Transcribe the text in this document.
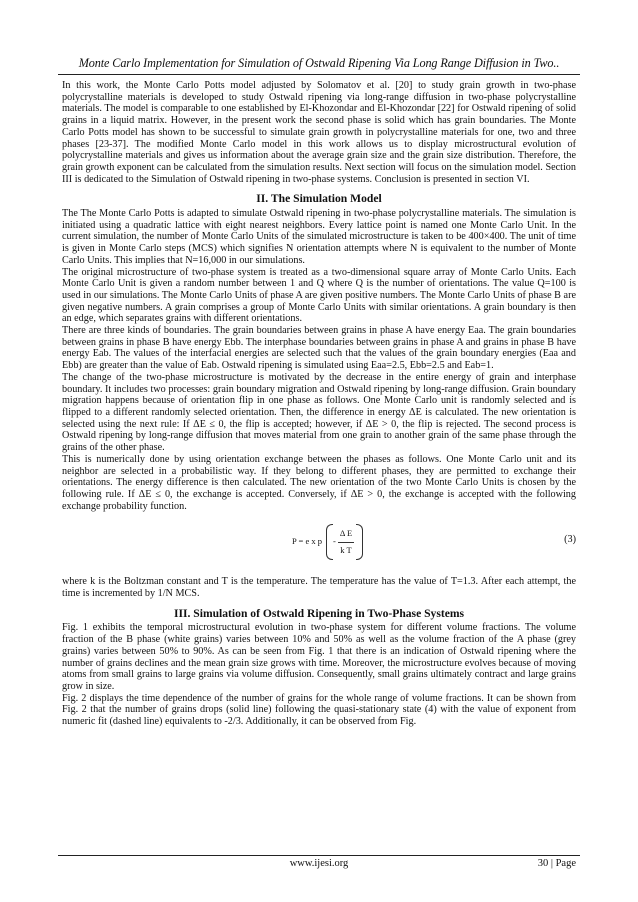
Monte Carlo Implementation for Simulation of Ostwald Ripening Via Long Range Diffusion in Two..

In this work, the Monte Carlo Potts model adjusted by Solomatov et al. [20] to study grain growth in two-phase polycrystalline materials is developed to study Ostwald ripening via long-range diffusion in two-phase polycrystalline materials. The model is comparable to one established by El-Khozondar and El-Khozondar [22] for Ostwald ripening of solid grains in a liquid matrix. However, in the present work the second phase is solid which has grain boundaries. The Monte Carlo Potts model has shown to be successful to simulate grain growth in polycrystalline materials for one, two and three phases [23-37]. The modified Monte Carlo model in this work allows us to display microstructural evolution of polycrystalline materials and gives us information about the average grain size and the grain size distribution. Therefore, the grain growth exponent can be calculated from the simulation results. Next section will focus on the simulation model. Section III is dedicated to the Simulation of Ostwald ripening in two-phase systems. Conclusion is presented in section VI.

II. The Simulation Model

The The Monte Carlo Potts is adapted to simulate Ostwald ripening in two-phase polycrystalline materials. The simulation is initiated using a quadratic lattice with eight nearest neighbors. Every lattice point is named one Monte Carlo Unit. In the current simulation, the number of Monte Carlo Units of the simulated microstructure is taken to be 400×400. The unit of time is given in Monte Carlo steps (MCS) which signifies N orientation attempts where N is equivalent to the number of Monte Carlo Units. This implies that N=16,000 in our simulations.

The original microstructure of two-phase system is treated as a two-dimensional square array of Monte Carlo Units. Each Monte Carlo Unit is given a random number between 1 and Q where Q is the number of orientations. The value Q=100 is used in our simulations. The Monte Carlo Units of phase A are given positive numbers. The Monte Carlo Units of phase B are given negative numbers. A grain comprises a group of Monte Carlo Units with similar orientations. A grain boundary is then an edge, which separates grains with different orientations.

There are three kinds of boundaries. The grain boundaries between grains in phase A have energy Eaa. The grain boundaries between grains in phase B have energy Ebb. The interphase boundaries between grains in phase A and grains in phase B have energy Eab. The values of the interfacial energies are selected such that the values of the grain boundary energies (Eaa and Ebb) are greater than the value of Eab. Ostwald ripening is simulated using Eaa=2.5, Ebb=2.5 and Eab=1.

The change of the two-phase microstructure is motivated by the decrease in the entire energy of grain and interphase boundary. It includes two processes: grain boundary migration and Ostwald ripening by long-range diffusion. Grain boundary migration happens because of orientation flip in one phase as follows. One Monte Carlo unit is randomly selected and is flipped to a different randomly selected orientation. Then, the difference in energy ΔE is calculated. The new orientation is selected using the next rule: If ΔE ≤ 0, the flip is accepted; however, if ΔE > 0, the flip is rejected. The second process is Ostwald ripening by long-range diffusion that moves material from one grain to another grain of the same phase through the grains of the other phase.

This is numerically done by using orientation exchange between the phases as follows. One Monte Carlo unit and its neighbor are selected in a probabilistic way. If they belong to different phases, they are permitted to exchange their orientations. The energy difference is then calculated. The new orientation of the two Monte Carlo Units is chosen by the following rule. If ΔE ≤ 0, the exchange is accepted. Conversely, if ΔE > 0, the exchange is accepted with the following exchange probability function.

P = e x p - $\frac{\text{Δ E}}{\text{k T}}$	(3)

where k is the Boltzman constant and T is the temperature. The temperature has the value of T=1.3. After each attempt, the time is incremented by 1/N MCS.

III. Simulation of Ostwald Ripening in Two-Phase Systems

Fig. 1 exhibits the temporal microstructural evolution in two-phase system for different volume fractions. The volume fraction of the B phase (white grains) varies between 10% and 50% as well as the volume fraction of the A phase (grey grains) varies between 50% to 90%. As can be seen from Fig. 1 that there is an indication of Ostwald ripening where the number of grains declines and the mean grain size grows with time. Moreover, the microstructure evolves because of moving atoms from small grains to large grains via volume diffusion. Consequently, small grains ultimately contract and large grains grow in size.

Fig. 2 displays the time dependence of the number of grains for the whole range of volume fractions. It can be shown from Fig. 2 that the number of grains drops (solid line) following the quasi-stationary state (4) with the value of exponent from numeric fit (dashed line) equivalents to -2/3. Additionally, it can be observed from Fig.

www.ijesi.org	30 | Page
